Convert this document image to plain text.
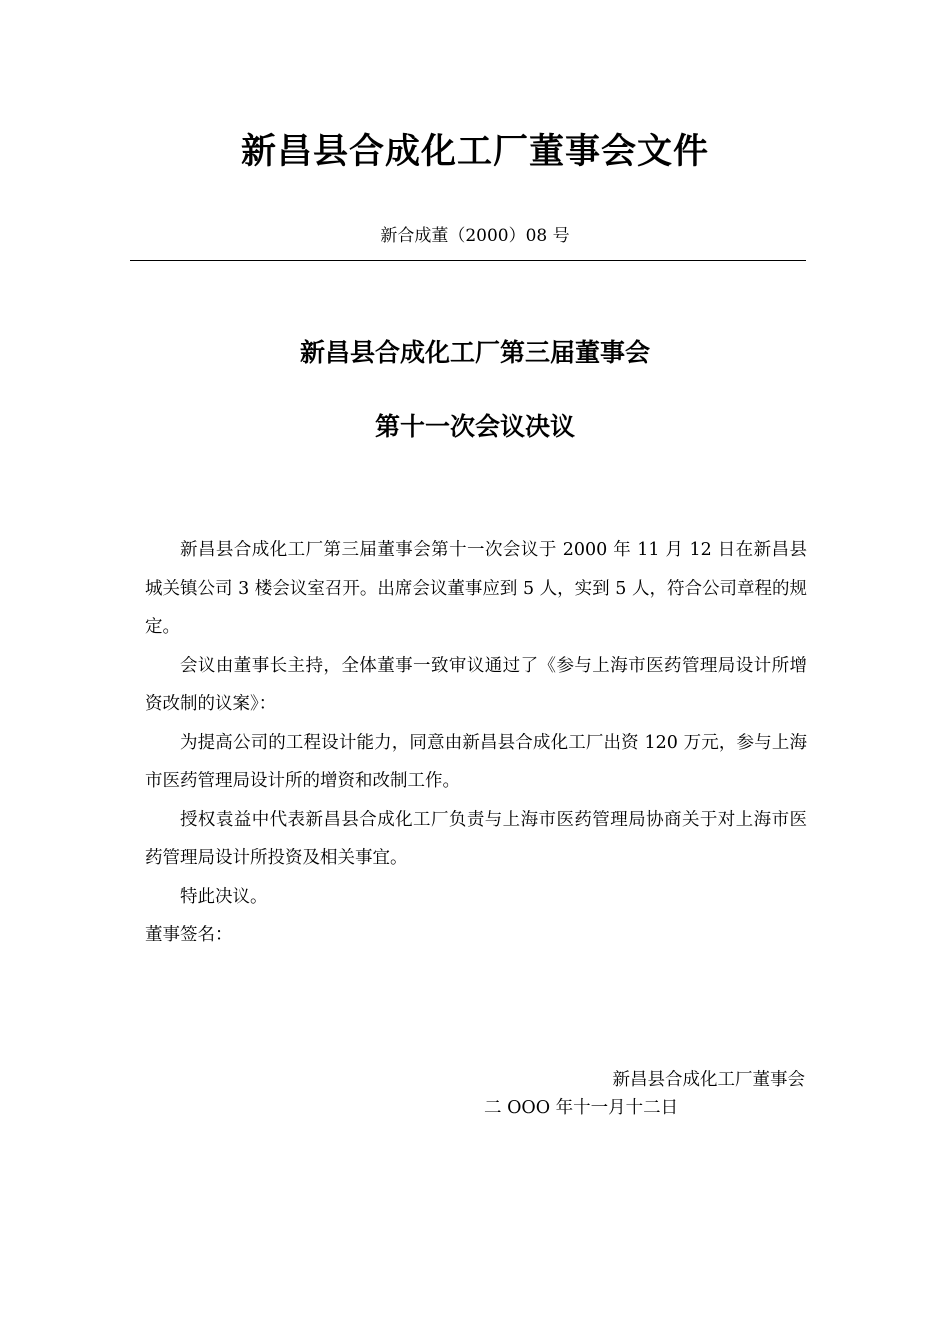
新昌县合成化工厂董事会文件
新合成董（2000）08 号
新昌县合成化工厂第三届董事会
第十一次会议决议

新昌县合成化工厂第三届董事会第十一次会议于 2000 年 11 月 12 日在新昌县城关镇公司 3 楼会议室召开。出席会议董事应到 5 人，实到 5 人，符合公司章程的规定。

会议由董事长主持，全体董事一致审议通过了《参与上海市医药管理局设计所增资改制的议案》：

为提高公司的工程设计能力，同意由新昌县合成化工厂出资 120 万元，参与上海市医药管理局设计所的增资和改制工作。

授权袁益中代表新昌县合成化工厂负责与上海市医药管理局协商关于对上海市医药管理局设计所投资及相关事宜。

特此决议。

董事签名：

新昌县合成化工厂董事会
二 OOO 年十一月十二日
